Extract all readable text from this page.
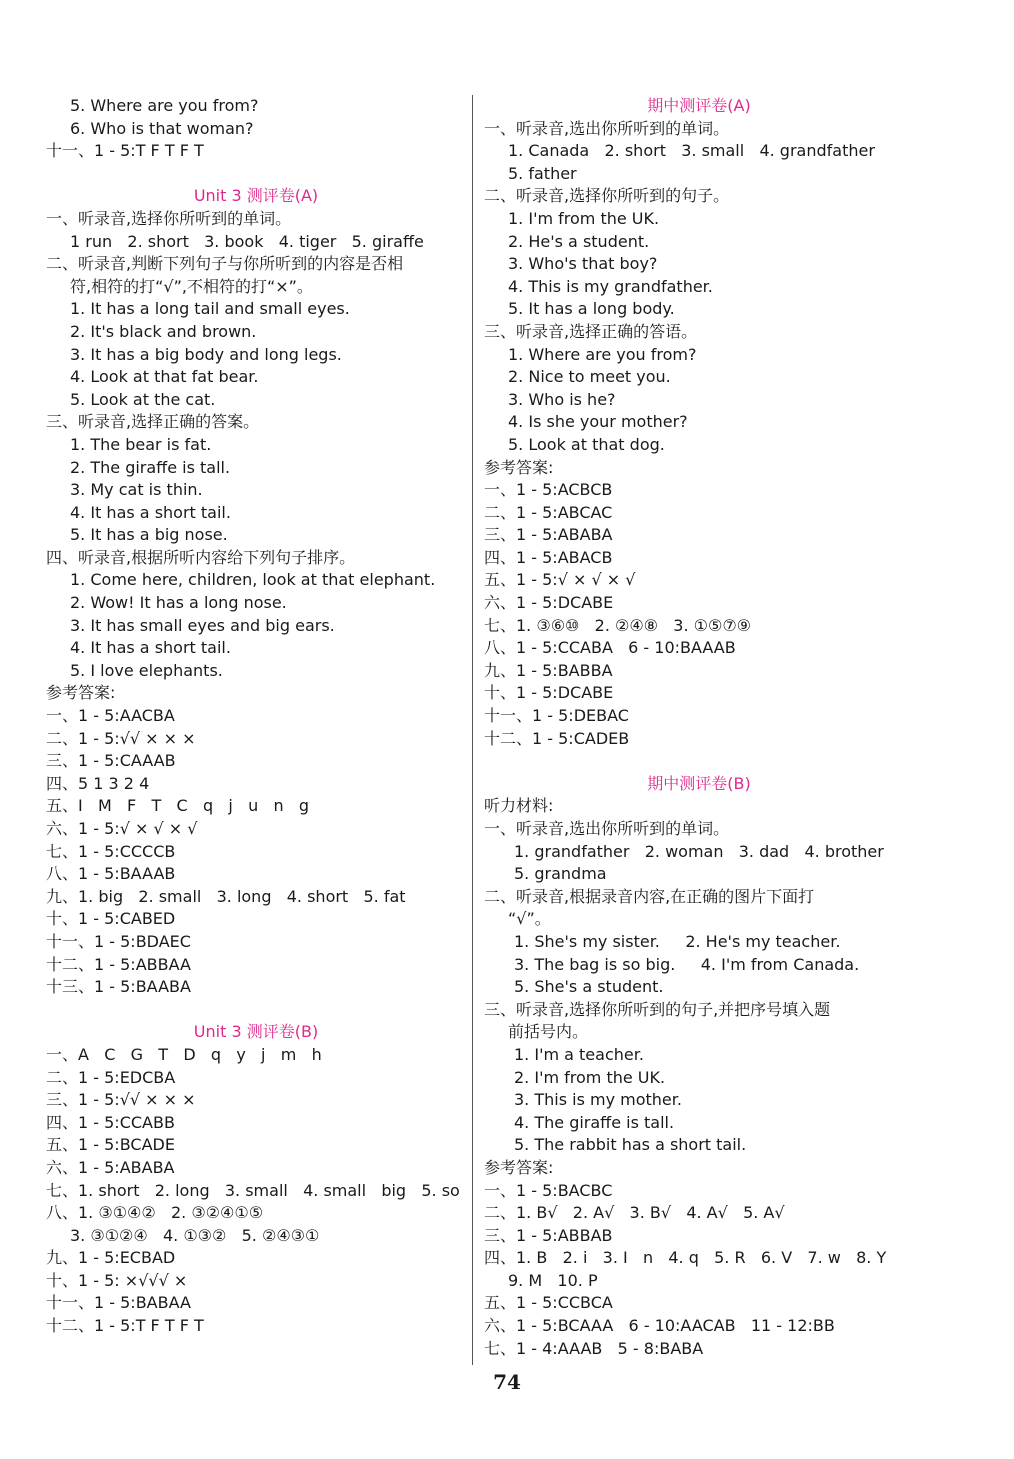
5. Where are you from?
6. Who is that woman?
十一、1 - 5:T F T F T
Unit 3 测评卷(A)
一、听录音,选择你所听到的单词。
1 run   2. short   3. book   4. tiger   5. giraffe
二、听录音,判断下列句子与你所听到的内容是否相
符,相符的打“√”,不相符的打“×”。
1. It has a long tail and small eyes.
2. It's black and brown.
3. It has a big body and long legs.
4. Look at that fat bear.
5. Look at the cat.
三、听录音,选择正确的答案。
1. The bear is fat.
2. The giraffe is tall.
3. My cat is thin.
4. It has a short tail.
5. It has a big nose.
四、听录音,根据所听内容给下列句子排序。
1. Come here, children, look at that elephant.
2. Wow! It has a long nose.
3. It has small eyes and big ears.
4. It has a short tail.
5. I love elephants.
参考答案:
一、1 - 5:AACBA
二、1 - 5:√√ × × ×
三、1 - 5:CAAAB
四、5 1 3 2 4
五、I   M   F   T   C   q   j   u   n   g
六、1 - 5:√ × √ × √
七、1 - 5:CCCCB
八、1 - 5:BAAAB
九、1. big   2. small   3. long   4. short   5. fat
十、1 - 5:CABED
十一、1 - 5:BDAEC
十二、1 - 5:ABBAA
十三、1 - 5:BAABA
Unit 3 测评卷(B)
一、A   C   G   T   D   q   y   j   m   h
二、1 - 5:EDCBA
三、1 - 5:√√ × × ×
四、1 - 5:CCABB
五、1 - 5:BCADE
六、1 - 5:ABABA
七、1. short   2. long   3. small   4. small   big   5. so
八、1. ③①④②   2. ③②④①⑤
3. ③①②④   4. ①③②   5. ②④③①
九、1 - 5:ECBAD
十、1 - 5: ×√√√ ×
十一、1 - 5:BABAA
十二、1 - 5:T F T F T
期中测评卷(A)
一、听录音,选出你所听到的单词。
1. Canada   2. short   3. small   4. grandfather
5. father
二、听录音,选择你所听到的句子。
1. I'm from the UK.
2. He's a student.
3. Who's that boy?
4. This is my grandfather.
5. It has a long body.
三、听录音,选择正确的答语。
1. Where are you from?
2. Nice to meet you.
3. Who is he?
4. Is she your mother?
5. Look at that dog.
参考答案:
一、1 - 5:ACBCB
二、1 - 5:ABCAC
三、1 - 5:ABABA
四、1 - 5:ABACB
五、1 - 5:√ × √ × √
六、1 - 5:DCABE
七、1. ③⑥⑩   2. ②④⑧   3. ①⑤⑦⑨
八、1 - 5:CCABA   6 - 10:BAAAB
九、1 - 5:BABBA
十、1 - 5:DCABE
十一、1 - 5:DEBAC
十二、1 - 5:CADEB
期中测评卷(B)
听力材料:
一、听录音,选出你所听到的单词。
1. grandfather   2. woman   3. dad   4. brother
5. grandma
二、听录音,根据录音内容,在正确的图片下面打
“√”。
1. She's my sister.     2. He's my teacher.
3. The bag is so big.     4. I'm from Canada.
5. She's a student.
三、听录音,选择你所听到的句子,并把序号填入题
前括号内。
1. I'm a teacher.
2. I'm from the UK.
3. This is my mother.
4. The giraffe is tall.
5. The rabbit has a short tail.
参考答案:
一、1 - 5:BACBC
二、1. B√   2. A√   3. B√   4. A√   5. A√
三、1 - 5:ABBAB
四、1. B   2. i   3. I   n   4. q   5. R   6. V   7. w   8. Y
9. M   10. P
五、1 - 5:CCBCA
六、1 - 5:BCAAA   6 - 10:AACAB   11 - 12:BB
七、1 - 4:AAAB   5 - 8:BABA
74
